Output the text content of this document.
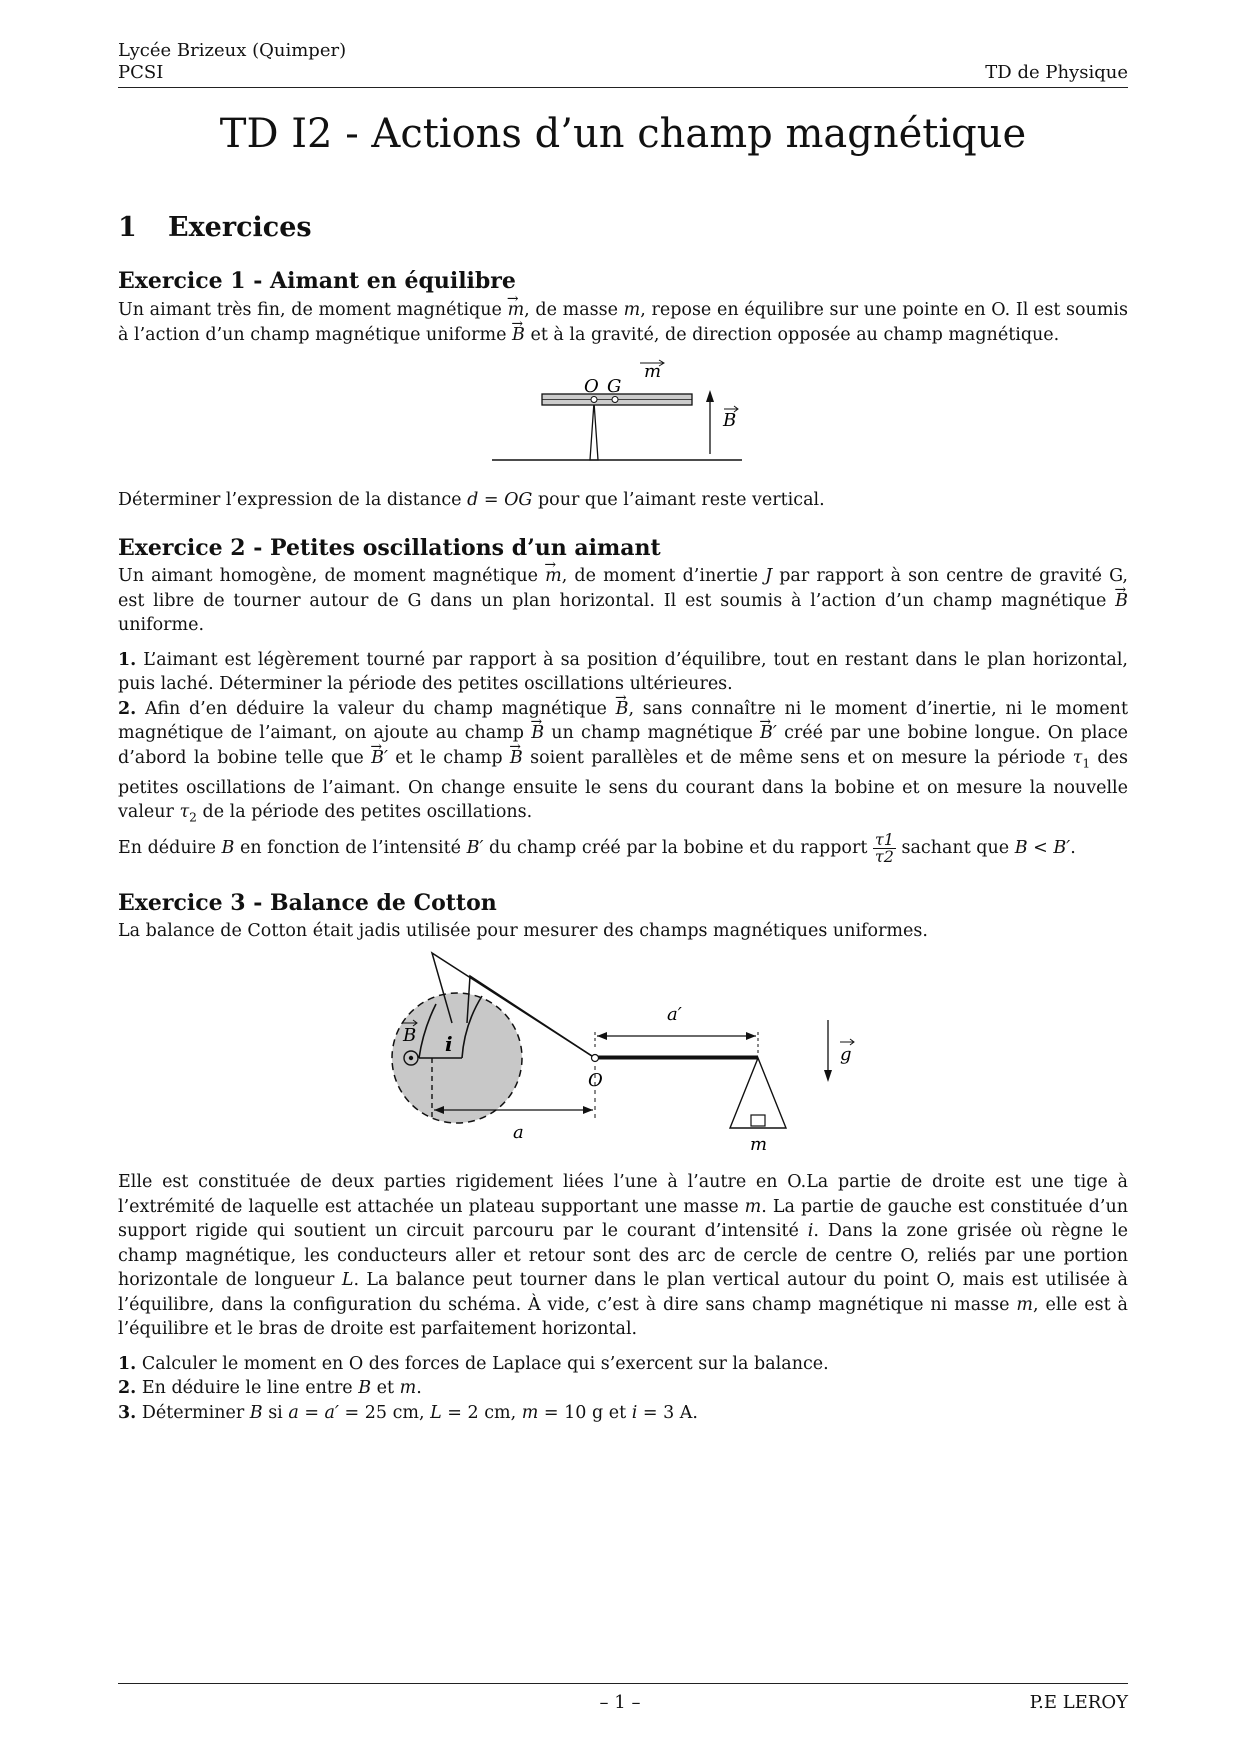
Lycée Brizeux (Quimper)
PCSI	TD de Physique
TD I2 - Actions d’un champ magnétique
1 Exercices
Exercice 1 - Aimant en équilibre

Un aimant très fin, de moment magnétique → m, de masse m, repose en équilibre sur une pointe en O. Il est soumis à l’action d’un champ magnétique uniforme → B et à la gravité, de direction opposée au champ magnétique.

O G
m
B

Déterminer l’expression de la distance d = OG pour que l’aimant reste vertical.

Exercice 2 - Petites oscillations d’un aimant

Un aimant homogène, de moment magnétique → m, de moment d’inertie J par rapport à son centre de gravité G, est libre de tourner autour de G dans un plan horizontal. Il est soumis à l’action d’un champ magnétique → B uniforme.

1. L’aimant est légèrement tourné par rapport à sa position d’équilibre, tout en restant dans le plan horizontal, puis laché. Déterminer la période des petites oscillations ultérieures.

2. Afin d’en déduire la valeur du champ magnétique → B, sans connaître ni le moment d’inertie, ni le moment magnétique de l’aimant, on ajoute au champ → B un champ magnétique → B′ créé par une bobine longue. On place d’abord la bobine telle que → B′ et le champ → B soient parallèles et de même sens et on mesure la période $\tau_1$ des petites oscillations de l’aimant. On change ensuite le sens du courant dans la bobine et on mesure la nouvelle valeur $\tau_2$ de la période des petites oscillations.

En déduire B en fonction de l’intensité B′ du champ créé par la bobine et du rapport $\frac{\tau 1}{\tau 2}$ sachant que B < B′.

Exercice 3 - Balance de Cotton
La balance de Cotton était jadis utilisée pour mesurer des champs magnétiques uniformes.
a
O
a′
m
g
B i

Elle est constituée de deux parties rigidement liées l’une à l’autre en O.La partie de droite est une tige à l’extrémité de laquelle est attachée un plateau supportant une masse m. La partie de gauche est constituée d’un support rigide qui soutient un circuit parcouru par le courant d’intensité i. Dans la zone grisée où règne le champ magnétique, les conducteurs aller et retour sont des arc de cercle de centre O, reliés par une portion horizontale de longueur L. La balance peut tourner dans le plan vertical autour du point O, mais est utilisée à l’équilibre, dans la configuration du schéma. À vide, c’est à dire sans champ magnétique ni masse m, elle est à l’équilibre et le bras de droite est parfaitement horizontal.

1. Calculer le moment en O des forces de Laplace qui s’exercent sur la balance.

2. En déduire le line entre B et m.

3. Déterminer B si a = a′ = 25 cm, L = 2 cm, m = 10 g et i = 3 A.

– 1 –	P.E LEROY
